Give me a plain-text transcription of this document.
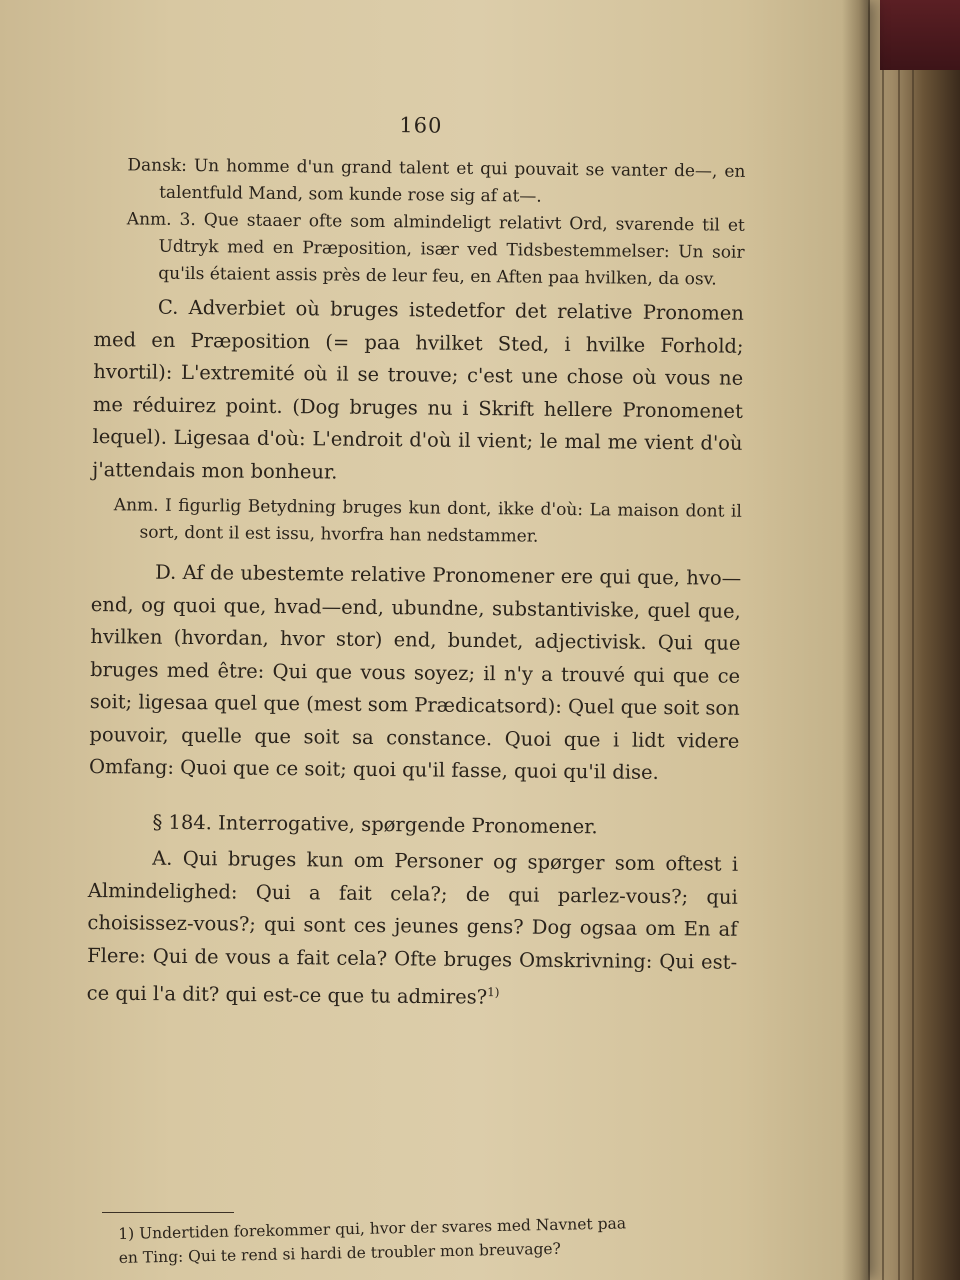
160
Dansk: Un homme d'un grand talent et qui pouvait se vanter de—, en talentfuld Mand, som kunde rose sig af at—.
Anm. 3. Que staaer ofte som almindeligt relativt Ord, svarende til et Udtryk med en Præposition, især ved Tidsbestemmelser: Un soir qu'ils étaient assis près de leur feu, en Aften paa hvilken, da osv.

C. Adverbiet où bruges istedetfor det relative Pronomen med en Præposition (= paa hvilket Sted, i hvilke Forhold; hvortil): L'extremité où il se trouve; c'est une chose où vous ne me réduirez point. (Dog bruges nu i Skrift hellere Pronomenet lequel). Ligesaa d'où: L'endroit d'où il vient; le mal me vient d'où j'attendais mon bonheur.

Anm. I figurlig Betydning bruges kun dont, ikke d'où: La maison dont il sort, dont il est issu, hvorfra han nedstammer.

D. Af de ubestemte relative Pronomener ere qui que, hvo—end, og quoi que, hvad—end, ubundne, substantiviske, quel que, hvilken (hvordan, hvor stor) end, bundet, adjectivisk. Qui que bruges med être: Qui que vous soyez; il n'y a trouvé qui que ce soit; ligesaa quel que (mest som Prædicatsord): Quel que soit son pouvoir, quelle que soit sa constance. Quoi que i lidt videre Omfang: Quoi que ce soit; quoi qu'il fasse, quoi qu'il dise.

§ 184. Interrogative, spørgende Pronomener.

A. Qui bruges kun om Personer og spørger som oftest i Almindelighed: Qui a fait cela?; de qui parlez-vous?; qui choisissez-vous?; qui sont ces jeunes gens? Dog ogsaa om En af Flere: Qui de vous a fait cela? Ofte bruges Omskrivning: Qui est-ce qui l'a dit? qui est-ce que tu admires?$^{1)}$

1) Undertiden forekommer qui, hvor der svares med Navnet paa
en Ting: Qui te rend si hardi de troubler mon breuvage?
